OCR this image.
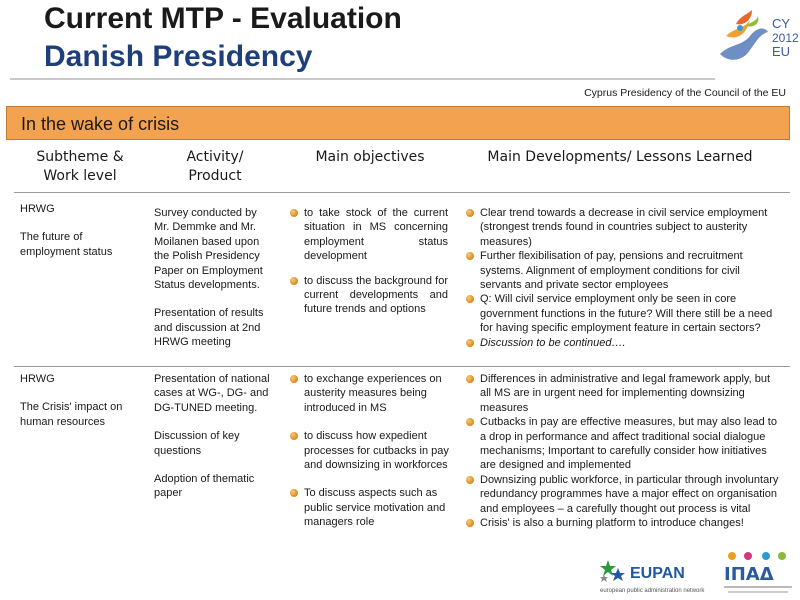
Current MTP - Evaluation
Danish Presidency
CY
2012
EU
Cyprus Presidency of the Council of the EU
In the wake of crisis
Subtheme & Work level
Activity/ Product
Main objectives	Main Developments/ Lessons Learned

HRWG

The future of employment status

Survey conducted by Mr. Demmke and Mr. Moilanen based upon the Polish Presidency Paper on Employment Status developments.

Presentation of results and discussion at 2nd HRWG meeting

to take stock of the current situation in MS concerning employment status development
to discuss the background for current developments and future trends and options
Clear trend towards a decrease in civil service employment (strongest trends found in countries subject to austerity measures)
Further flexibilisation of pay, pensions and recruitment systems. Alignment of employment conditions for civil servants and private sector employees
Q: Will civil service employment only be seen in core government functions in the future? Will there still be a need for having specific employment feature in certain sectors?
Discussion to be continued….

HRWG

The Crisis' impact on human resources

Presentation of national cases at WG-, DG- and DG-TUNED meeting.

Discussion of key questions

Adoption of thematic paper

to exchange experiences on austerity measures being introduced in MS
to discuss how expedient processes for cutbacks in pay and downsizing in workforces
To discuss aspects such as public service motivation and managers role
Differences in administrative and legal framework apply, but all MS are in urgent need for implementing downsizing measures
Cutbacks in pay are effective measures, but may also lead to a drop in performance and affect traditional social dialogue mechanisms; Important to carefully consider how initiatives are designed and implemented
Downsizing public workforce, in particular through involuntary redundancy programmes have a major effect on organisation and employees – a carefully thought out process is vital
Crisis' is also a burning platform to introduce changes!
EUPAN
european public administration network
ΙΠΑΔ
